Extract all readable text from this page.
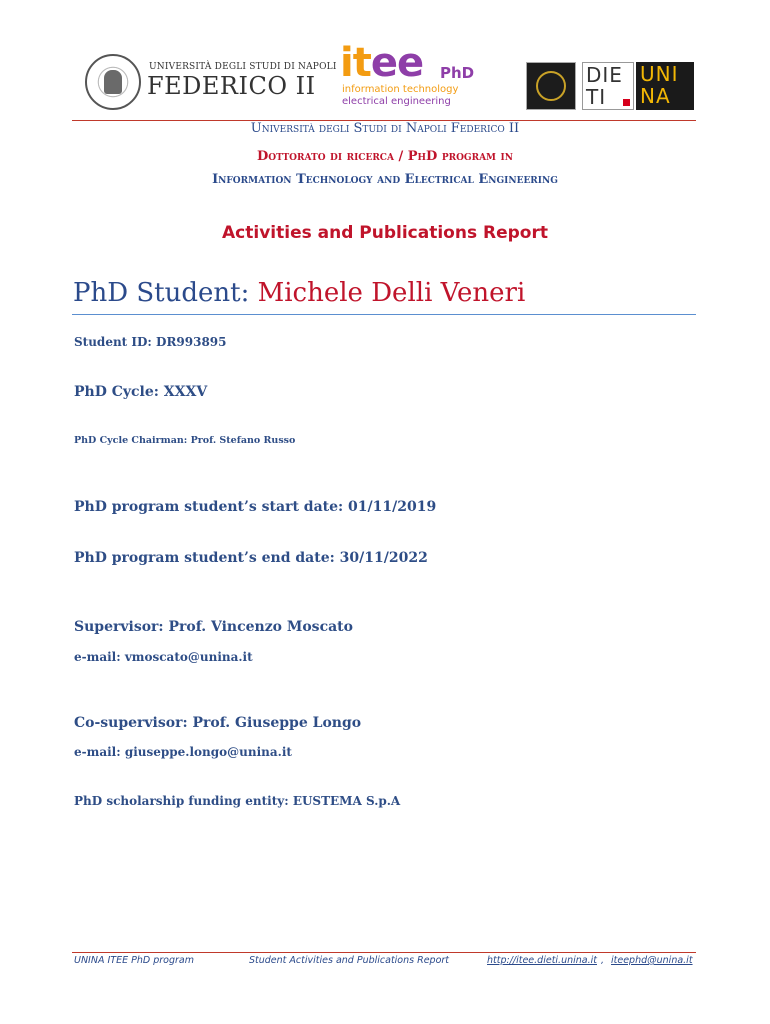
UNIVERSITÀ DEGLI STUDI DI NAPOLI
FEDERICO II itee PhD
information technology
electrical engineering
DIE
TI
UNI
NA
Università degli Studi di Napoli Federico II
Dottorato di ricerca / PhD program in
Information Technology and Electrical Engineering
Activities and Publications Report
PhD Student: Michele Delli Veneri
Student ID: DR993895
PhD Cycle: XXXV
PhD Cycle Chairman: Prof. Stefano Russo
PhD program student’s start date: 01/11/2019
PhD program student’s end date: 30/11/2022
Supervisor: Prof. Vincenzo Moscato
e-mail: vmoscato@unina.it
Co-supervisor: Prof. Giuseppe Longo
e-mail: giuseppe.longo@unina.it
PhD scholarship funding entity: EUSTEMA S.p.A
UNINA ITEE PhD program	Student Activities and Publications Report	http://itee.dieti.unina.it , iteephd@unina.it
